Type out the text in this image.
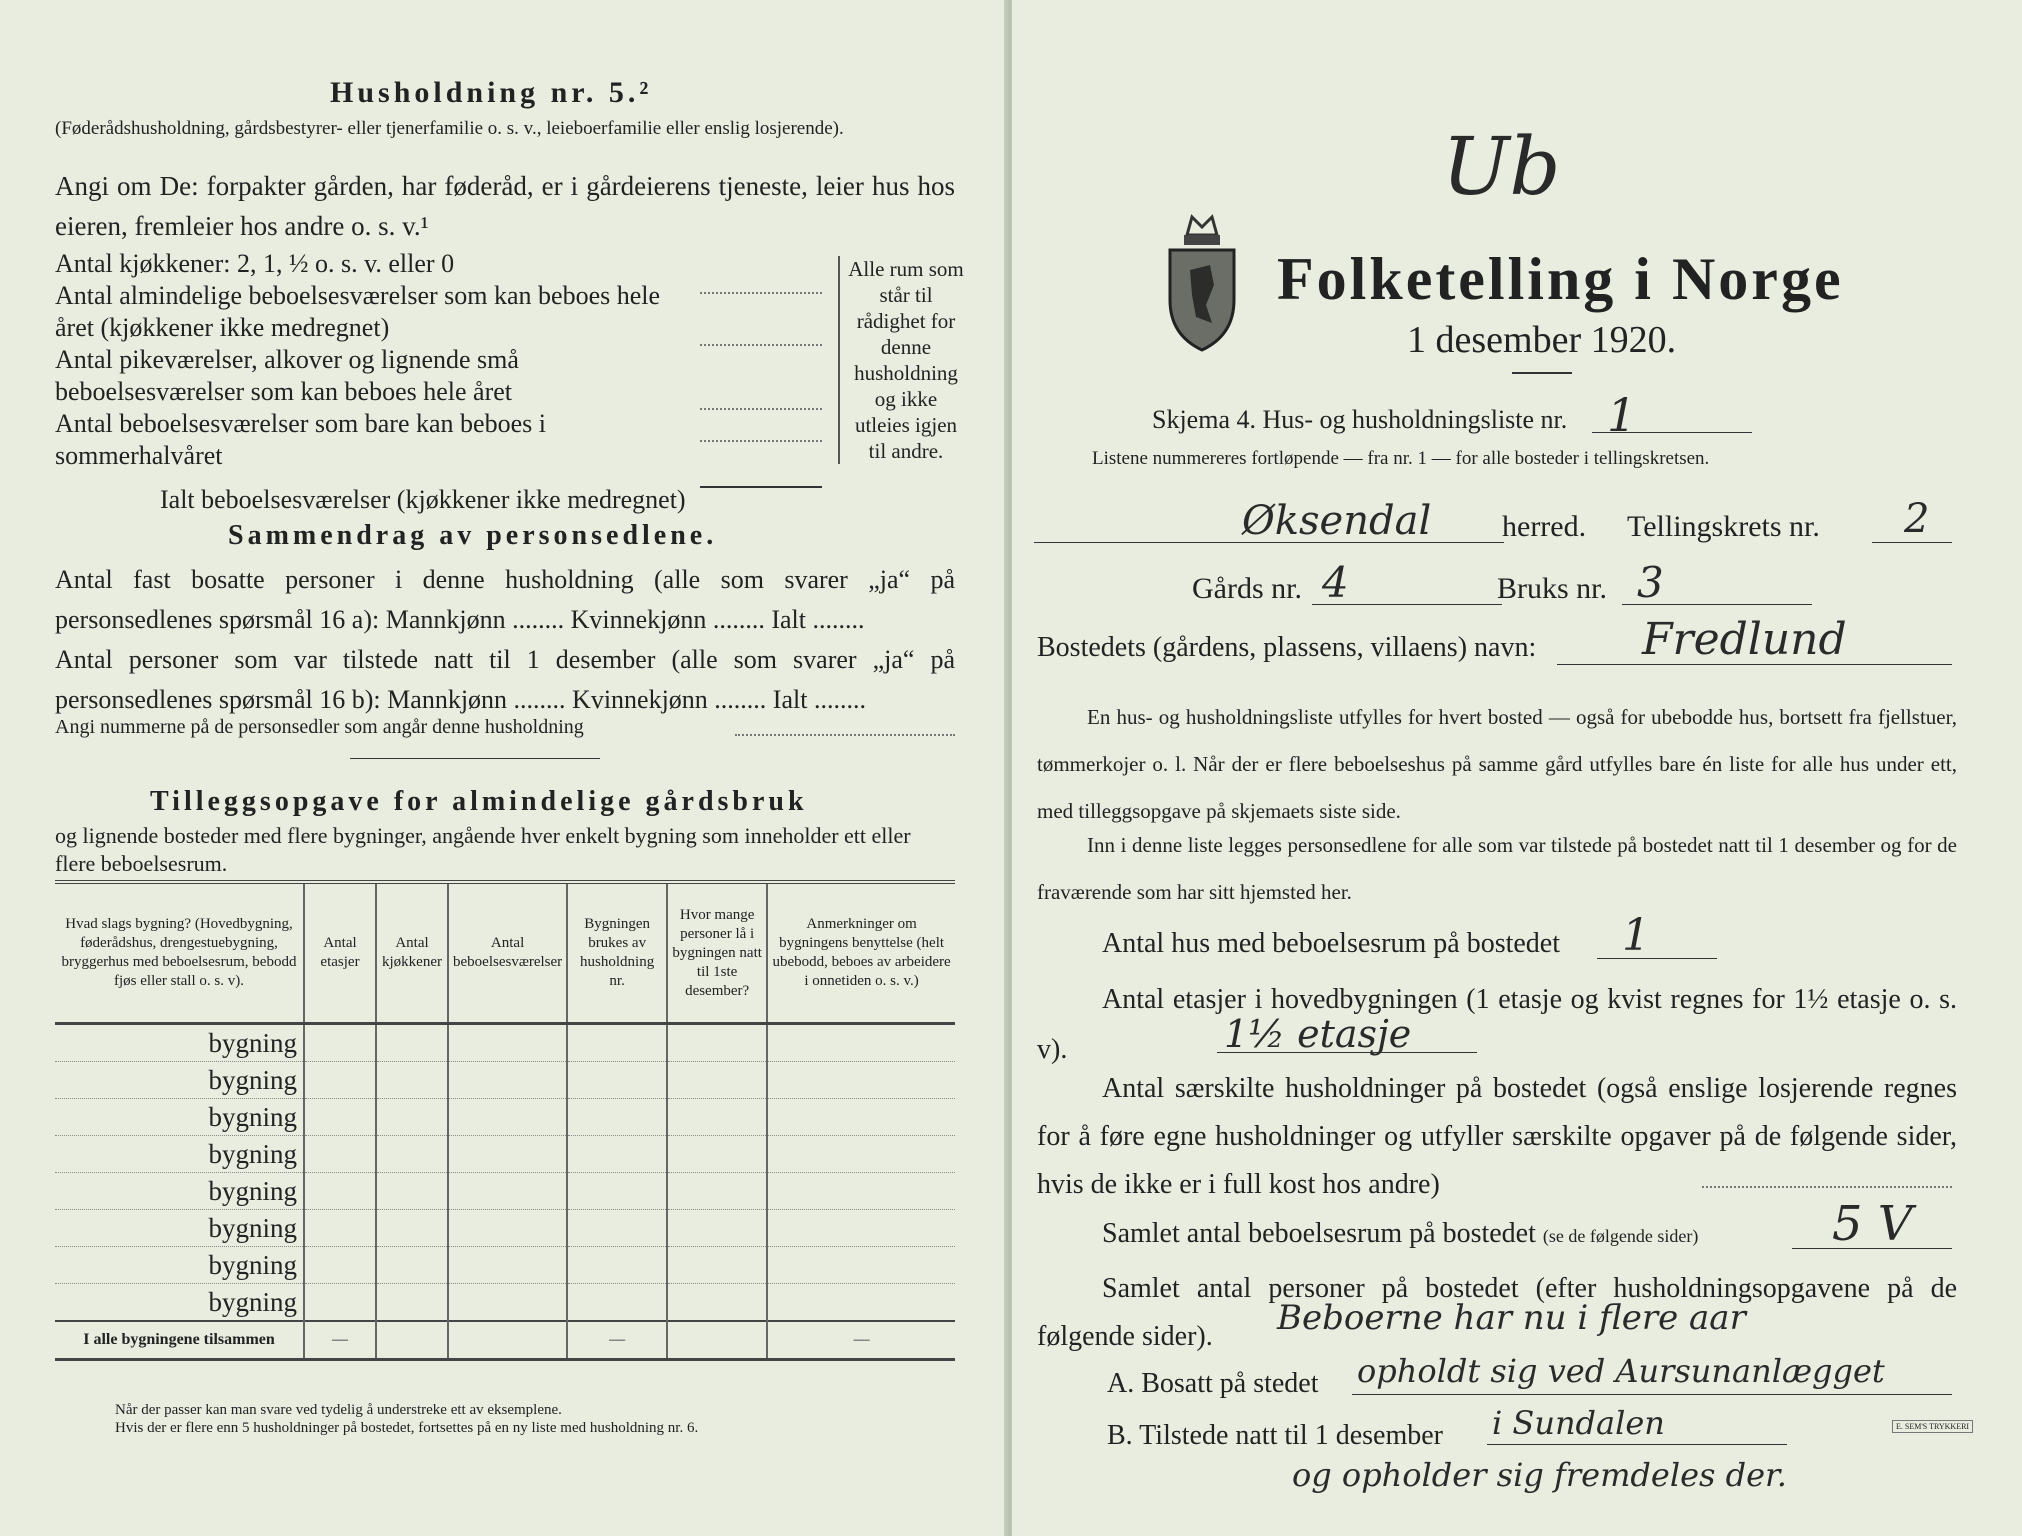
Husholdning nr. 5.²
(Føderådshusholdning, gårdsbestyrer- eller tjenerfamilie o. s. v., leieboerfamilie eller enslig losjerende).
Angi om De: forpakter gården, har føderåd, er i gårdeierens tjeneste, leier hus hos eieren, fremleier hos andre o. s. v.¹
Antal kjøkkener: 2, 1, ½ o. s. v. eller 0
Antal almindelige beboelsesværelser som kan beboes hele året (kjøkkener ikke medregnet)
Antal pikeværelser, alkover og lignende små beboelsesværelser som kan beboes hele året
Antal beboelsesværelser som bare kan beboes i sommerhalvåret
Ialt beboelsesværelser (kjøkkener ikke medregnet)
Alle rum som står til rådighet for denne husholdning og ikke utleies igjen til andre.
Sammendrag av personsedlene.
Antal fast bosatte personer i denne husholdning (alle som svarer „ja“ på personsedlenes spørsmål 16 a): Mannkjønn ........ Kvinnekjønn ........ Ialt ........
Antal personer som var tilstede natt til 1 desember (alle som svarer „ja“ på personsedlenes spørsmål 16 b): Mannkjønn ........ Kvinnekjønn ........ Ialt ........
Angi nummerne på de personsedler som angår denne husholdning
Tilleggsopgave for almindelige gårdsbruk
og lignende bosteder med flere bygninger, angående hver enkelt bygning som inneholder ett eller flere beboelsesrum.
Hvad slags bygning? (Hovedbygning, føderådshus, drengestuebygning, bryggerhus med beboelsesrum, bebodd fjøs eller stall o. s. v).	Antal etasjer	Antal kjøkkener	Antal beboelsesværelser	Bygningen brukes av husholdning nr.	Hvor mange personer lå i bygningen natt til 1ste desember?	Anmerkninger om bygningens benyttelse (helt ubebodd, beboes av arbeidere i onnetiden o. s. v.)
bygning						
bygning						
bygning						
bygning						
bygning						
bygning						
bygning						
bygning						
I alle bygningene tilsammen	—			—		—
Når der passer kan man svare ved tydelig å understreke ett av eksemplene.
Hvis der er flere enn 5 husholdninger på bostedet, fortsettes på en ny liste med husholdning nr. 6.
Ub
Folketelling i Norge
1 desember 1920.
Skjema 4. Hus- og husholdningsliste nr. 1
Listene nummereres fortløpende — fra nr. 1 — for alle bosteder i tellingskretsen.
Øksendal herred. Tellingskrets nr. 2
Gårds nr. 4	Bruks nr. 3
Bostedets (gårdens, plassens, villaens) navn: Fredlund
En hus- og husholdningsliste utfylles for hvert bosted — også for ubebodde hus, bortsett fra fjellstuer, tømmerkojer o. l. Når der er flere beboelseshus på samme gård utfylles bare én liste for alle hus under ett, med tilleggsopgave på skjemaets siste side.
Inn i denne liste legges personsedlene for alle som var tilstede på bostedet natt til 1 desember og for de fraværende som har sitt hjemsted her.
Antal hus med beboelsesrum på bostedet 1
Antal etasjer i hovedbygningen (1 etasje og kvist regnes for 1½ etasje o. s. v).	1½ etasje
Antal særskilte husholdninger på bostedet (også enslige losjerende regnes for å føre egne husholdninger og utfyller særskilte opgaver på de følgende sider, hvis de ikke er i full kost hos andre)
Samlet antal beboelsesrum på bostedet (se de følgende sider)	5 V
Samlet antal personer på bostedet (efter husholdningsopgavene på de følgende sider).	Beboerne har nu i flere aar
A. Bosatt på stedet opholdt sig ved Aursunanlægget
B. Tilstede natt til 1 desember i Sundalen
og opholder sig fremdeles der.
E. SEM'S TRYKKERI
